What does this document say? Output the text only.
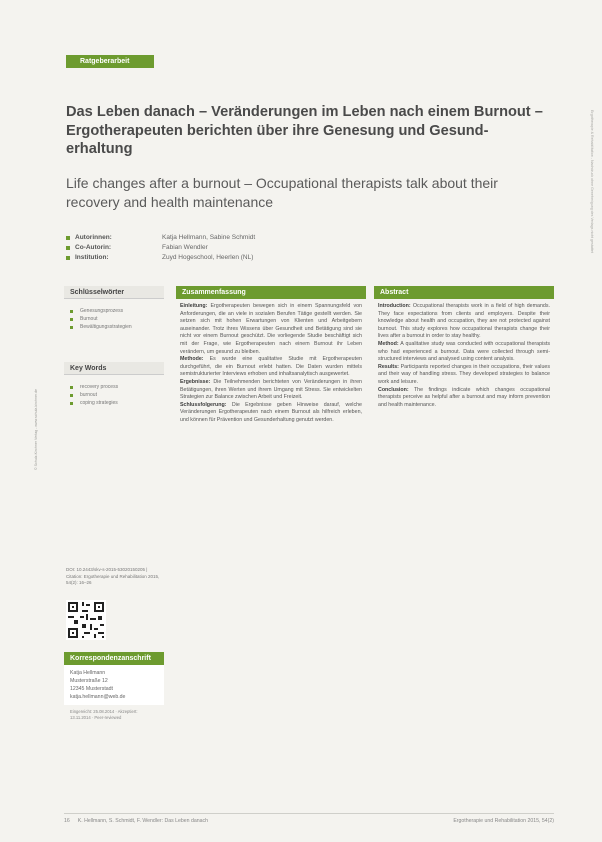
Ratgeberarbeit
© Schulz-Kirchner Verlag - www.schulz-kirchner.de
Ergotherapie & Rehabilitation - Nachdruck ohne Genehmigung des Verlags nicht gestattet
Das Leben danach – Veränderungen im Leben nach einem Burnout – Ergotherapeuten berichten über ihre Genesung und Gesunderhaltung
Life changes after a burnout – Occupational therapists talk about their recovery and health maintenance
Autorinnen:	Katja Hellmann, Sabine Schmidt
Co-Autorin:	Fabian Wendler
Institution:	Zuyd Hogeschool, Heerlen (NL)
Schlüsselwörter
Genesungsprozess
Burnout
Bewältigungsstrategien
Key Words
recovery process
burnout
coping strategies
DOI: 10.2443/skv-s-2015-53020150205 | Citation: Ergotherapie und Rehabilitation 2015, 54(2): 16–26
Korrespondenzanschrift
Katja Hellmann
Musterstraße 12
12345 Musterstadt
katja.hellmann@web.de
Eingereicht: 25.08.2014 · Akzeptiert: 13.11.2014 · Peer-reviewed
Zusammenfassung

Einleitung: Ergotherapeuten bewegen sich in einem Spannungsfeld von Anforderungen, die an viele in sozialen Berufen Tätige gestellt werden. Sie setzen sich mit hohen Erwartungen von Klienten und Arbeitgebern auseinander. Trotz ihres Wissens über Gesundheit und Betätigung sind sie nicht vor einem Burnout geschützt. Die vorliegende Studie beschäftigt sich mit der Frage, wie Ergotherapeuten nach einem Burnout ihr Leben verändern, um gesund zu bleiben.

Methode: Es wurde eine qualitative Studie mit Ergotherapeuten durchgeführt, die ein Burnout erlebt hatten. Die Daten wurden mittels semistrukturierter Interviews erhoben und inhaltsanalytisch ausgewertet.

Ergebnisse: Die Teilnehmenden berichteten von Veränderungen in ihren Betätigungen, ihren Werten und ihrem Umgang mit Stress. Sie entwickelten Strategien zur Balance zwischen Arbeit und Freizeit.

Schlussfolgerung: Die Ergebnisse geben Hinweise darauf, welche Veränderungen Ergotherapeuten nach einem Burnout als hilfreich erleben, und können für Prävention und Gesunderhaltung genutzt werden.

Abstract

Introduction: Occupational therapists work in a field of high demands. They face expectations from clients and employers. Despite their knowledge about health and occupation, they are not protected against burnout. This study explores how occupational therapists change their lives after a burnout in order to stay healthy.

Method: A qualitative study was conducted with occupational therapists who had experienced a burnout. Data were collected through semi-structured interviews and analysed using content analysis.

Results: Participants reported changes in their occupations, their values and their way of handling stress. They developed strategies to balance work and leisure.

Conclusion: The findings indicate which changes occupational therapists perceive as helpful after a burnout and may inform prevention and health maintenance.

16 K. Hellmann, S. Schmidt, F. Wendler: Das Leben danach	Ergotherapie und Rehabilitation 2015, 54(2)
